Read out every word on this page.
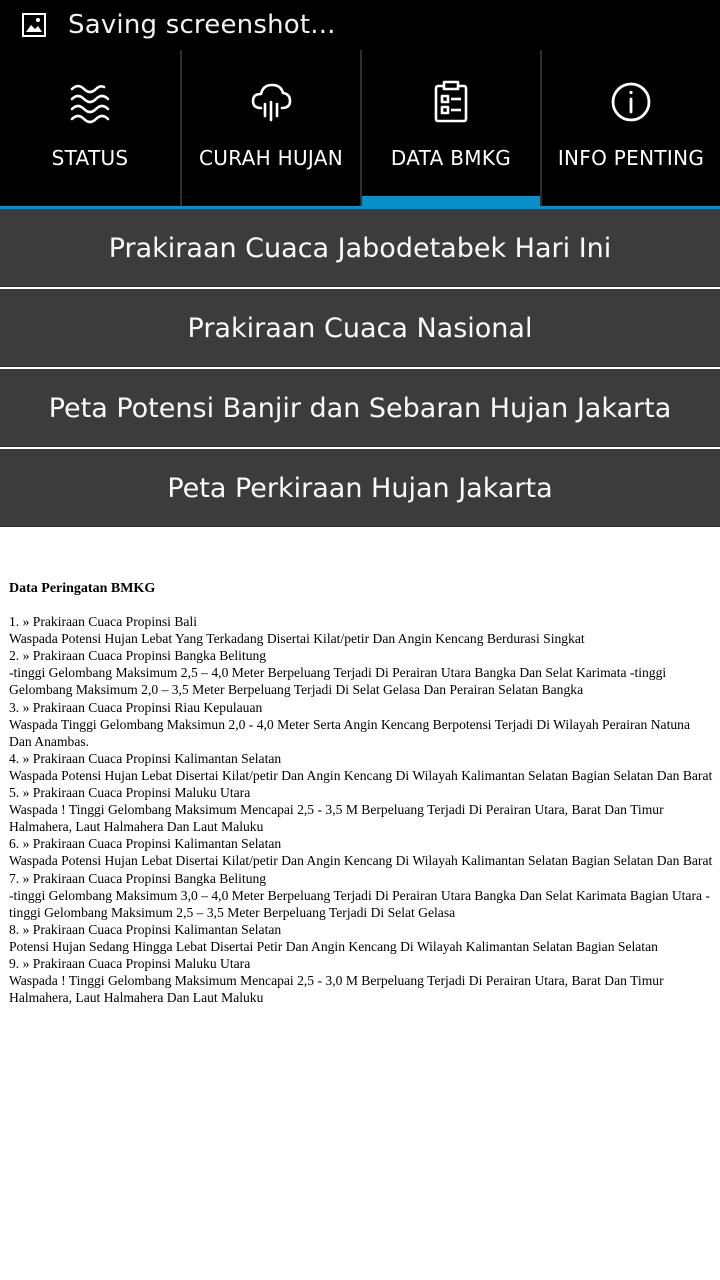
Saving screenshot...
STATUS	CURAH HUJAN DATA BMKG INFO PENTING
Prakiraan Cuaca Jabodetabek Hari Ini
Prakiraan Cuaca Nasional
Peta Potensi Banjir dan Sebaran Hujan Jakarta
Peta Perkiraan Hujan Jakarta
Data Peringatan BMKG
1. » Prakiraan Cuaca Propinsi Bali
Waspada Potensi Hujan Lebat Yang Terkadang Disertai Kilat/petir Dan Angin Kencang Berdurasi Singkat
2. » Prakiraan Cuaca Propinsi Bangka Belitung
-tinggi Gelombang Maksimum 2,5 – 4,0 Meter Berpeluang Terjadi Di Perairan Utara Bangka Dan Selat Karimata -tinggi Gelombang Maksimum 2,0 – 3,5 Meter Berpeluang Terjadi Di Selat Gelasa Dan Perairan Selatan Bangka
3. » Prakiraan Cuaca Propinsi Riau Kepulauan
Waspada Tinggi Gelombang Maksimun 2,0 - 4,0 Meter Serta Angin Kencang Berpotensi Terjadi Di Wilayah Perairan Natuna Dan Anambas.
4. » Prakiraan Cuaca Propinsi Kalimantan Selatan
Waspada Potensi Hujan Lebat Disertai Kilat/petir Dan Angin Kencang Di Wilayah Kalimantan Selatan Bagian Selatan Dan Barat
5. » Prakiraan Cuaca Propinsi Maluku Utara
Waspada ! Tinggi Gelombang Maksimum Mencapai 2,5 - 3,5 M Berpeluang Terjadi Di Perairan Utara, Barat Dan Timur Halmahera, Laut Halmahera Dan Laut Maluku
6. » Prakiraan Cuaca Propinsi Kalimantan Selatan
Waspada Potensi Hujan Lebat Disertai Kilat/petir Dan Angin Kencang Di Wilayah Kalimantan Selatan Bagian Selatan Dan Barat
7. » Prakiraan Cuaca Propinsi Bangka Belitung
-tinggi Gelombang Maksimum 3,0 – 4,0 Meter Berpeluang Terjadi Di Perairan Utara Bangka Dan Selat Karimata Bagian Utara -tinggi Gelombang Maksimum 2,5 – 3,5 Meter Berpeluang Terjadi Di Selat Gelasa
8. » Prakiraan Cuaca Propinsi Kalimantan Selatan
Potensi Hujan Sedang Hingga Lebat Disertai Petir Dan Angin Kencang Di Wilayah Kalimantan Selatan Bagian Selatan
9. » Prakiraan Cuaca Propinsi Maluku Utara
Waspada ! Tinggi Gelombang Maksimum Mencapai 2,5 - 3,0 M Berpeluang Terjadi Di Perairan Utara, Barat Dan Timur Halmahera, Laut Halmahera Dan Laut Maluku
